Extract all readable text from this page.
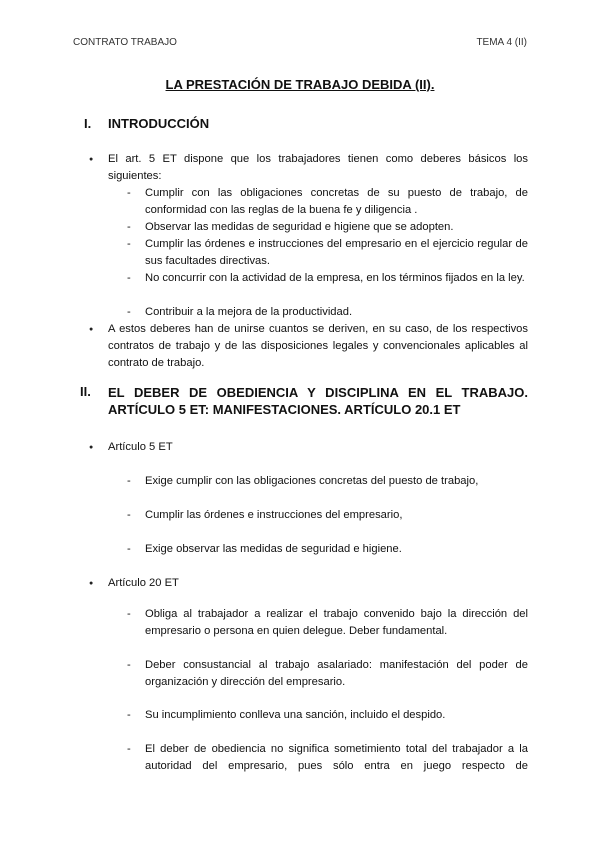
CONTRATO TRABAJO	TEMA 4 (II)
LA PRESTACIÓN DE TRABAJO DEBIDA (II).
I. INTRODUCCIÓN
● El art. 5 ET dispone que los trabajadores tienen como deberes básicos los siguientes:
- Cumplir con las obligaciones concretas de su puesto de trabajo, de conformidad con las reglas de la buena fe y diligencia .
- Observar las medidas de seguridad e higiene que se adopten.
- Cumplir las órdenes e instrucciones del empresario en el ejercicio regular de sus facultades directivas.
- No concurrir con la actividad de la empresa, en los términos fijados en la ley.
- Contribuir a la mejora de la productividad.
● A estos deberes han de unirse cuantos se deriven, en su caso, de los respectivos contratos de trabajo y de las disposiciones legales y convencionales aplicables al contrato de trabajo.
II. EL DEBER DE OBEDIENCIA Y DISCIPLINA EN EL TRABAJO. ARTÍCULO 5 ET: MANIFESTACIONES. ARTÍCULO 20.1 ET
● Artículo 5 ET
- Exige cumplir con las obligaciones concretas del puesto de trabajo,
- Cumplir las órdenes e instrucciones del empresario,
- Exige observar las medidas de seguridad e higiene.
● Artículo 20 ET
- Obliga al trabajador a realizar el trabajo convenido bajo la dirección del empresario o persona en quien delegue. Deber fundamental.
- Deber consustancial al trabajo asalariado: manifestación del poder de organización y dirección del empresario.
- Su incumplimiento conlleva una sanción, incluido el despido.
- El deber de obediencia no significa sometimiento total del trabajador a la autoridad del empresario, pues sólo entra en juego respecto de
